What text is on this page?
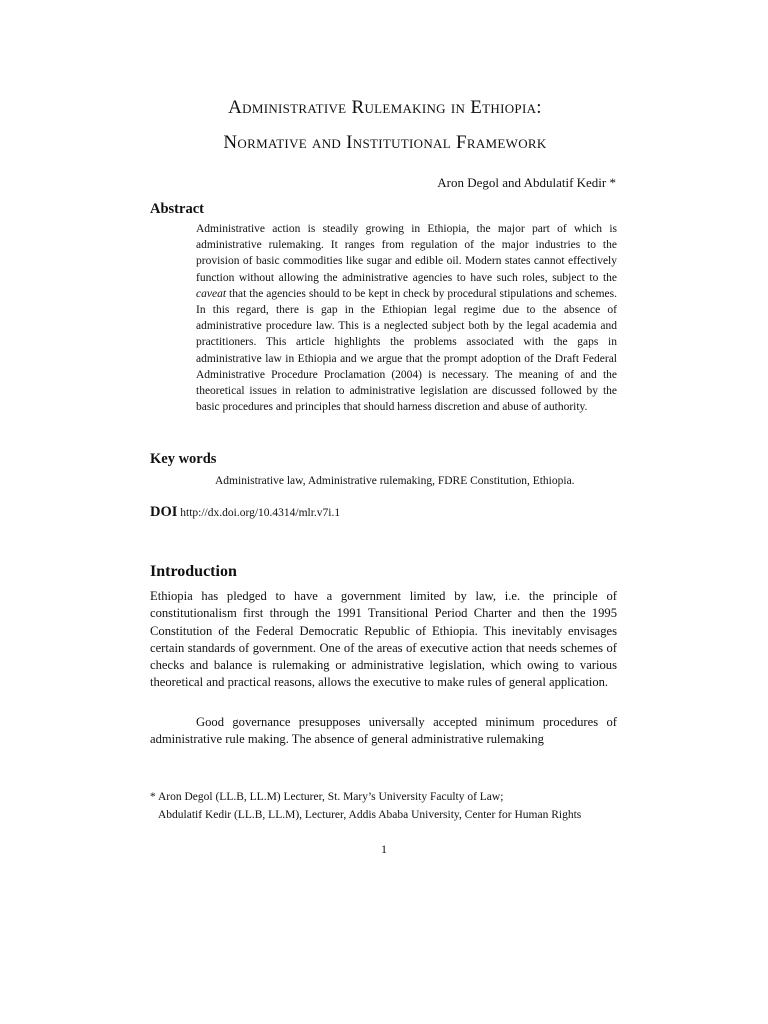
Administrative Rulemaking in Ethiopia:
Normative and Institutional Framework
Aron Degol and Abdulatif Kedir *
Abstract

Administrative action is steadily growing in Ethiopia, the major part of which is administrative rulemaking. It ranges from regulation of the major industries to the provision of basic commodities like sugar and edible oil. Modern states cannot effectively function without allowing the administrative agencies to have such roles, subject to the caveat that the agencies should to be kept in check by procedural stipulations and schemes. In this regard, there is gap in the Ethiopian legal regime due to the absence of administrative procedure law. This is a neglected subject both by the legal academia and practitioners. This article highlights the problems associated with the gaps in administrative law in Ethiopia and we argue that the prompt adoption of the Draft Federal Administrative Procedure Proclamation (2004) is necessary. The meaning of and the theoretical issues in relation to administrative legislation are discussed followed by the basic procedures and principles that should harness discretion and abuse of authority.

Key words

Administrative law, Administrative rulemaking, FDRE Constitution, Ethiopia.

DOI http://dx.doi.org/10.4314/mlr.v7i.1
Introduction

Ethiopia has pledged to have a government limited by law, i.e. the principle of constitutionalism first through the 1991 Transitional Period Charter and then the 1995 Constitution of the Federal Democratic Republic of Ethiopia. This inevitably envisages certain standards of government. One of the areas of executive action that needs schemes of checks and balance is rulemaking or administrative legislation, which owing to various theoretical and practical reasons, allows the executive to make rules of general application.

Good governance presupposes universally accepted minimum procedures of administrative rule making. The absence of general administrative rulemaking

* Aron Degol (LL.B, LL.M) Lecturer, St. Mary’s University Faculty of Law;

Abdulatif Kedir (LL.B, LL.M), Lecturer, Addis Ababa University, Center for Human Rights

1
